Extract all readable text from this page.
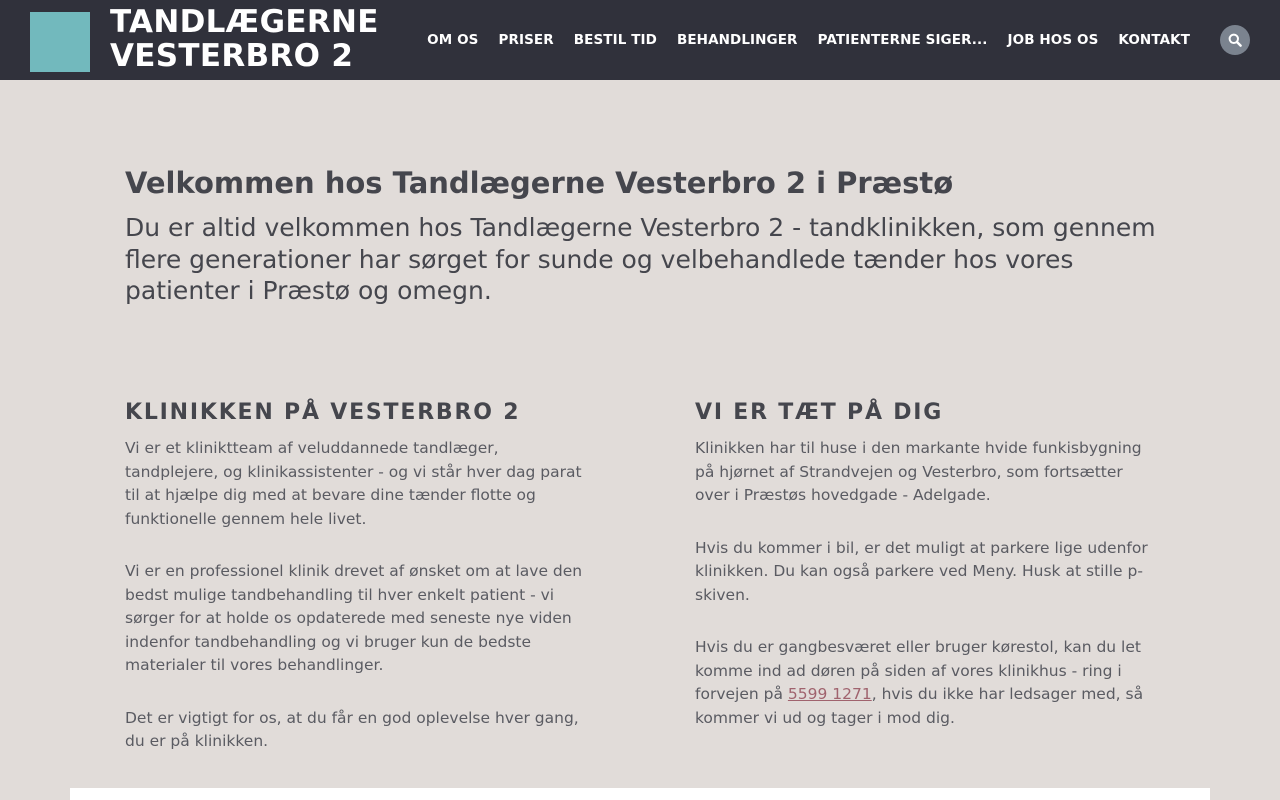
TANDLÆGERNE
VESTERBRO 2	OM OS PRISER BESTIL TID BEHANDLINGER PATIENTERNE SIGER... JOB HOS OS KONTAKT
Velkommen hos Tandlægerne Vesterbro 2 i Præstø

Du er altid velkommen hos Tandlægerne Vesterbro 2 - tandklinikken, som gennem flere generationer har sørget for sunde og velbehandlede tænder hos vores patienter i Præstø og omegn.

KLINIKKEN PÅ VESTERBRO 2

Vi er et kliniktteam af veluddannede tandlæger, tandplejere, og klinikassistenter - og vi står hver dag parat til at hjælpe dig med at bevare dine tænder flotte og funktionelle gennem hele livet.

Vi er en professionel klinik drevet af ønsket om at lave den bedst mulige tandbehandling til hver enkelt patient - vi sørger for at holde os opdaterede med seneste nye viden indenfor tandbehandling og vi bruger kun de bedste materialer til vores behandlinger.

Det er vigtigt for os, at du får en god oplevelse hver gang, du er på klinikken.

VI ER TÆT PÅ DIG

Klinikken har til huse i den markante hvide funkisbygning på hjørnet af Strandvejen og Vesterbro, som fortsætter over i Præstøs hovedgade - Adelgade.

Hvis du kommer i bil, er det muligt at parkere lige udenfor klinikken. Du kan også parkere ved Meny. Husk at stille p-skiven.

Hvis du er gangbesværet eller bruger kørestol, kan du let komme ind ad døren på siden af vores klinikhus - ring i forvejen på 5599 1271, hvis du ikke har ledsager med, så kommer vi ud og tager i mod dig.
